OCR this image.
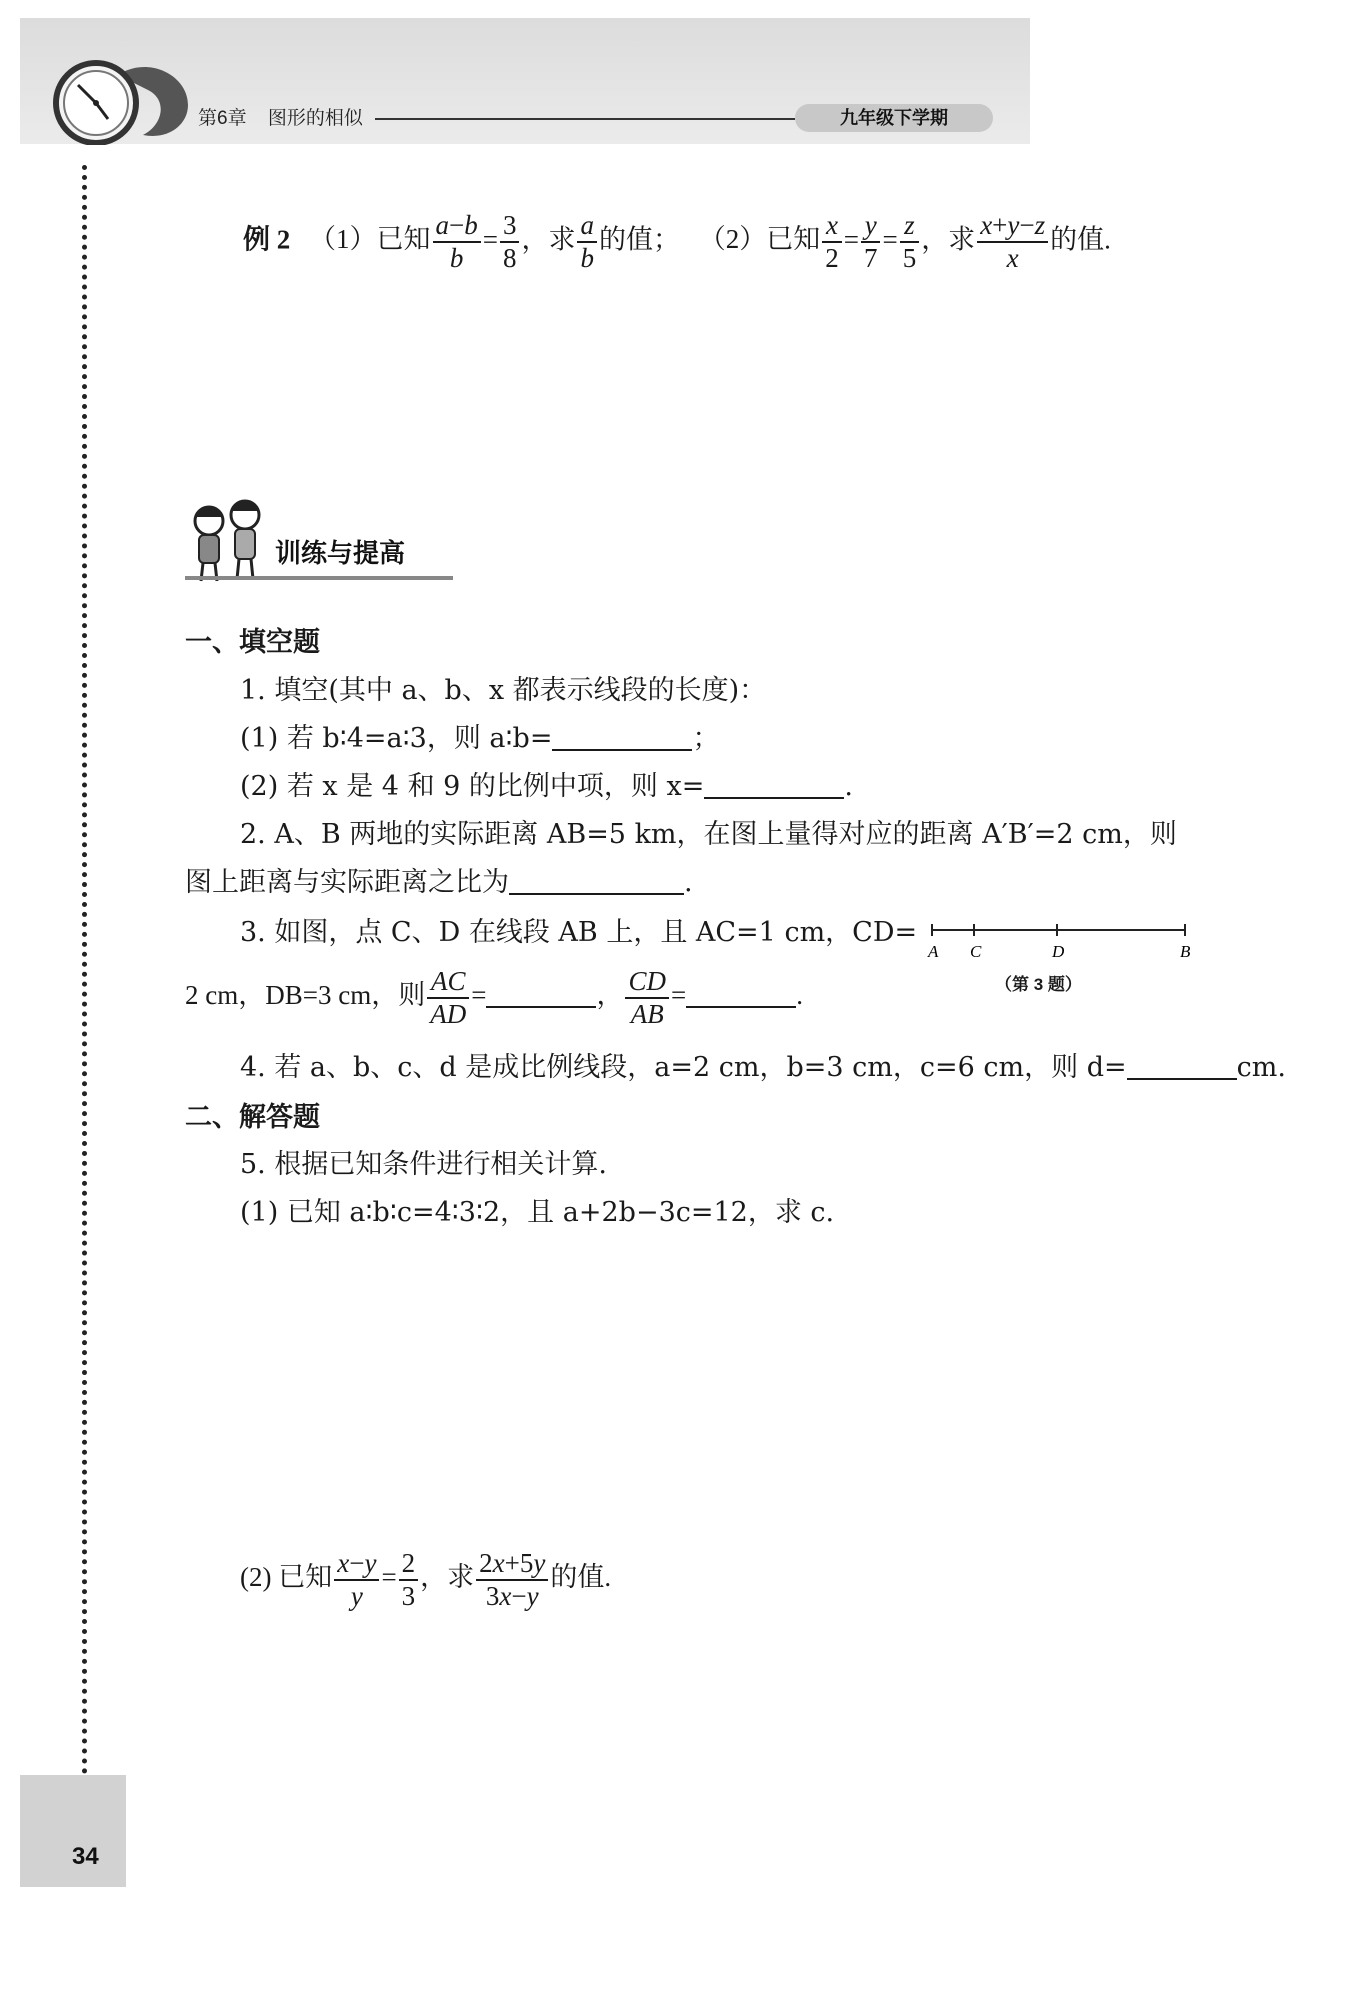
第6章 图形的相似	九年级下学期
例 2 （1）已知 $\frac{a-b}{b} = \frac{3}{8}$ ，求 $\frac{a}{b}$ 的值； （2）已知 $\frac{x}{2} = \frac{y}{7} = \frac{z}{5}$ ，求 $\frac{x+y-z}{x}$ 的值.
训练与提高
一、填空题
1. 填空(其中 a、b、x 都表示线段的长度)：
(1) 若 b∶4=a∶3，则 a∶b=	；
(2) 若 x 是 4 和 9 的比例中项，则 x=	.
2. A、B 两地的实际距离 AB=5 km，在图上量得对应的距离 A′B′=2 cm，则
图上距离与实际距离之比为	.
3. 如图，点 C、D 在线段 AB 上，且 AC=1 cm，CD=
A C	D	B
（第 3 题）
2 cm，DB=3 cm，则 $\frac{AC}{AD}$ =	， $\frac{CD}{AB}$ =	.
4. 若 a、b、c、d 是成比例线段，a=2 cm，b=3 cm，c=6 cm，则 d=	cm.
二、解答题
5. 根据已知条件进行相关计算.
(1) 已知 a∶b∶c=4∶3∶2，且 a+2b−3c=12，求 c.
(2) 已知 $\frac{x-y}{y} = \frac{2}{3}$ ，求 $\frac{2x+5y}{3x-y}$ 的值.
34
